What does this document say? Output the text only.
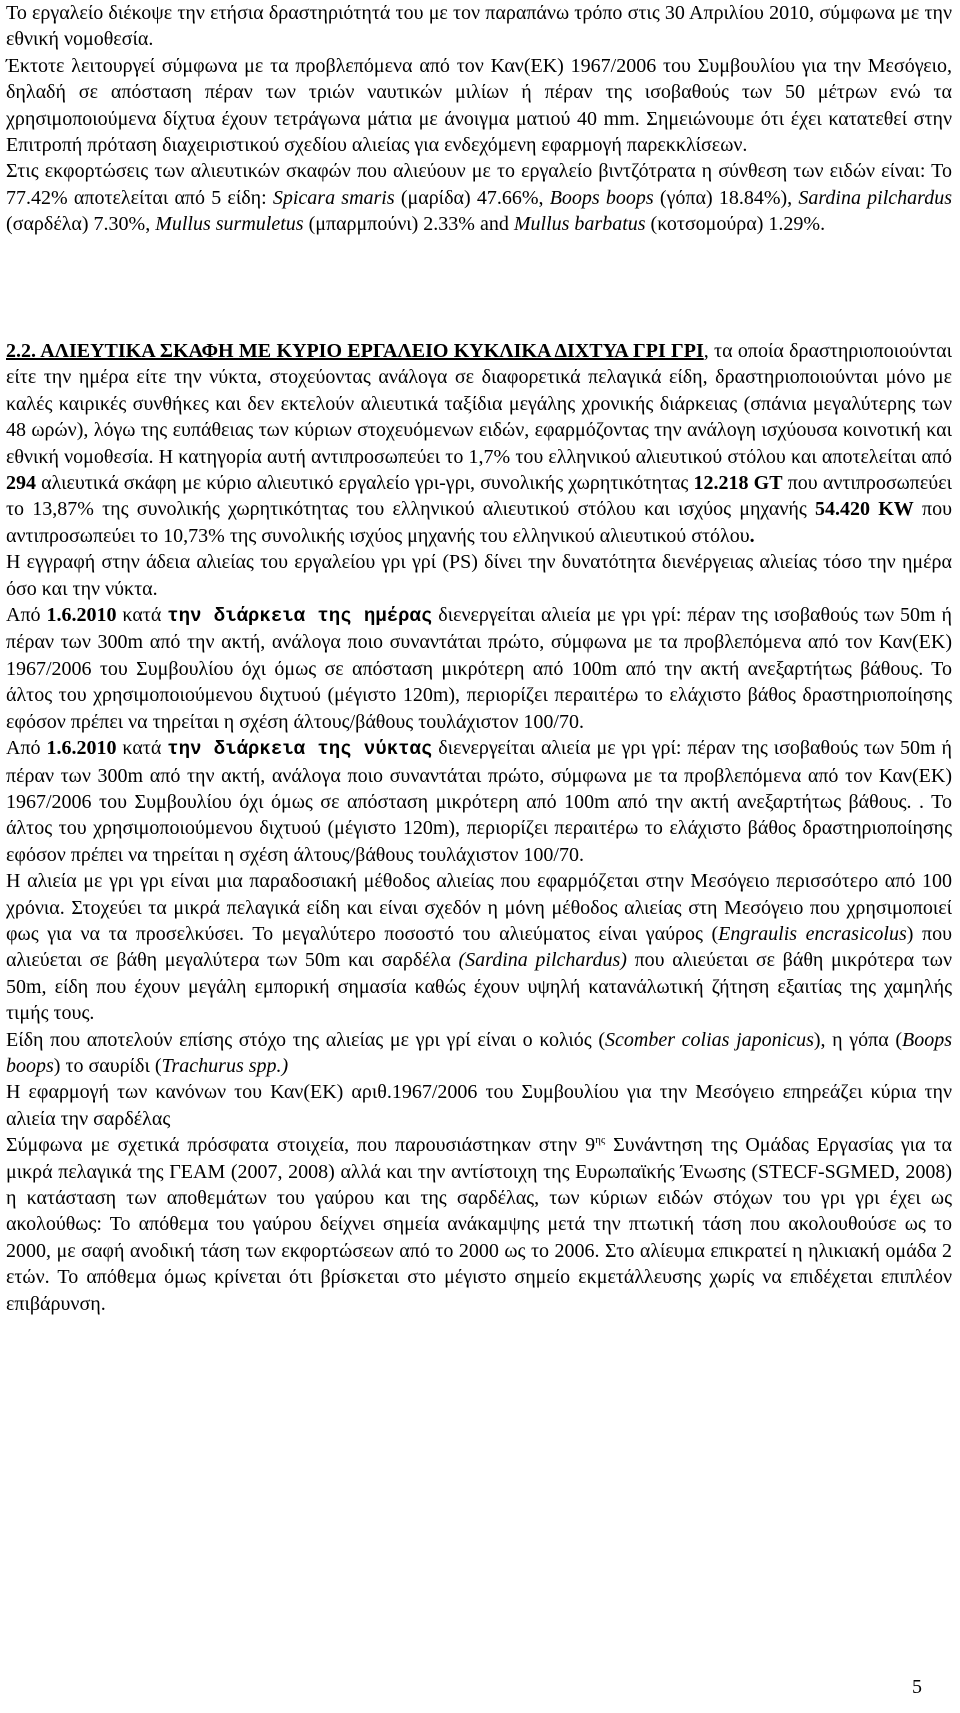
Το εργαλείο διέκοψε την ετήσια δραστηριότητά του με τον παραπάνω τρόπο στις 30 Απριλίου 2010, σύμφωνα με την εθνική νομοθεσία.

Έκτοτε λειτουργεί σύμφωνα με τα προβλεπόμενα από τον Καν(ΕΚ) 1967/2006 του Συμβουλίου για την Μεσόγειο, δηλαδή σε απόσταση πέραν των τριών ναυτικών μιλίων ή πέραν της ισοβαθούς των 50 μέτρων ενώ τα χρησιμοποιούμενα δίχτυα έχουν τετράγωνα μάτια με άνοιγμα ματιού 40 mm. Σημειώνουμε ότι έχει κατατεθεί στην Επιτροπή πρόταση διαχειριστικού σχεδίου αλιείας για ενδεχόμενη εφαρμογή παρεκκλίσεων.

Στις εκφορτώσεις των αλιευτικών σκαφών που αλιεύουν με το εργαλείο βιντζότρατα η σύνθεση των ειδών είναι: Το 77.42% αποτελείται από 5 είδη: Spicara smaris (μαρίδα) 47.66%, Boops boops (γόπα) 18.84%), Sardina pilchardus (σαρδέλα) 7.30%, Mullus surmuletus (μπαρμπούνι) 2.33% and Mullus barbatus (κοτσομούρα) 1.29%.

2.2. ΑΛΙΕΥΤΙΚΑ ΣΚΑΦΗ ΜΕ ΚΥΡΙΟ ΕΡΓΑΛΕΙΟ ΚΥΚΛΙΚΑ ΔΙΧΤΥΑ ΓΡΙ ΓΡΙ, τα οποία δραστηριοποιούνται είτε την ημέρα είτε την νύκτα, στοχεύοντας ανάλογα σε διαφορετικά πελαγικά είδη, δραστηριοποιούνται μόνο με καλές καιρικές συνθήκες και δεν εκτελούν αλιευτικά ταξίδια μεγάλης χρονικής διάρκειας (σπάνια μεγαλύτερης των 48 ωρών), λόγω της ευπάθειας των κύριων στοχευόμενων ειδών, εφαρμόζοντας την ανάλογη ισχύουσα κοινοτική και εθνική νομοθεσία. Η κατηγορία αυτή αντιπροσωπεύει το 1,7% του ελληνικού αλιευτικού στόλου και αποτελείται από 294 αλιευτικά σκάφη με κύριο αλιευτικό εργαλείο γρι-γρι, συνολικής χωρητικότητας 12.218 GT που αντιπροσωπεύει το 13,87% της συνολικής χωρητικότητας του ελληνικού αλιευτικού στόλου και ισχύος μηχανής 54.420 KW που αντιπροσωπεύει το 10,73% της συνολικής ισχύος μηχανής του ελληνικού αλιευτικού στόλου.

Η εγγραφή στην άδεια αλιείας του εργαλείου γρι γρί (PS) δίνει την δυνατότητα διενέργειας αλιείας τόσο την ημέρα όσο και την νύκτα.

Από 1.6.2010 κατά την διάρκεια της ημέρας διενεργείται αλιεία με γρι γρί: πέραν της ισοβαθούς των 50m ή πέραν των 300m από την ακτή, ανάλογα ποιο συναντάται πρώτο, σύμφωνα με τα προβλεπόμενα από τον Καν(ΕΚ) 1967/2006 του Συμβουλίου όχι όμως σε απόσταση μικρότερη από 100m από την ακτή ανεξαρτήτως βάθους. Το άλτος του χρησιμοποιούμενου διχτυού (μέγιστο 120m), περιορίζει περαιτέρω το ελάχιστο βάθος δραστηριοποίησης εφόσον πρέπει να τηρείται η σχέση άλτους/βάθους τουλάχιστον 100/70.

Από 1.6.2010 κατά την διάρκεια της νύκτας διενεργείται αλιεία με γρι γρί: πέραν της ισοβαθούς των 50m ή πέραν των 300m από την ακτή, ανάλογα ποιο συναντάται πρώτο, σύμφωνα με τα προβλεπόμενα από τον Καν(ΕΚ) 1967/2006 του Συμβουλίου όχι όμως σε απόσταση μικρότερη από 100m από την ακτή ανεξαρτήτως βάθους. . Το άλτος του χρησιμοποιούμενου διχτυού (μέγιστο 120m), περιορίζει περαιτέρω το ελάχιστο βάθος δραστηριοποίησης εφόσον πρέπει να τηρείται η σχέση άλτους/βάθους τουλάχιστον 100/70.

Η αλιεία με γρι γρι είναι μια παραδοσιακή μέθοδος αλιείας που εφαρμόζεται στην Μεσόγειο περισσότερο από 100 χρόνια. Στοχεύει τα μικρά πελαγικά είδη και είναι σχεδόν η μόνη μέθοδος αλιείας στη Μεσόγειο που χρησιμοποιεί φως για να τα προσελκύσει. Το μεγαλύτερο ποσοστό του αλιεύματος είναι γαύρος (Engraulis encrasicolus) που αλιεύεται σε βάθη μεγαλύτερα των 50m και σαρδέλα (Sardina pilchardus) που αλιεύεται σε βάθη μικρότερα των 50m, είδη που έχουν μεγάλη εμπορική σημασία καθώς έχουν υψηλή κατανάλωτική ζήτηση εξαιτίας της χαμηλής τιμής τους.

Είδη που αποτελούν επίσης στόχο της αλιείας με γρι γρί είναι ο κολιός (Scomber colias japonicus), η γόπα (Boops boops) το σαυρίδι (Trachurus spp.)

Η εφαρμογή των κανόνων του Καν(ΕΚ) αριθ.1967/2006 του Συμβουλίου για την Μεσόγειο επηρεάζει κύρια την αλιεία την σαρδέλας

Σύμφωνα με σχετικά πρόσφατα στοιχεία, που παρουσιάστηκαν στην $9^{\eta\varsigma}$ Συνάντηση της Ομάδας Εργασίας για τα μικρά πελαγικά της ΓΕΑΜ (2007, 2008) αλλά και την αντίστοιχη της Ευρωπαϊκής Ένωσης (STECF-SGMED, 2008) η κατάσταση των αποθεμάτων του γαύρου και της σαρδέλας, των κύριων ειδών στόχων του γρι γρι έχει ως ακολούθως: Το απόθεμα του γαύρου δείχνει σημεία ανάκαμψης μετά την πτωτική τάση που ακολουθούσε ως το 2000, με σαφή ανοδική τάση των εκφορτώσεων από το 2000 ως το 2006. Στο αλίευμα επικρατεί η ηλικιακή ομάδα 2 ετών. Το απόθεμα όμως κρίνεται ότι βρίσκεται στο μέγιστο σημείο εκμετάλλευσης χωρίς να επιδέχεται επιπλέον επιβάρυνση.

5
